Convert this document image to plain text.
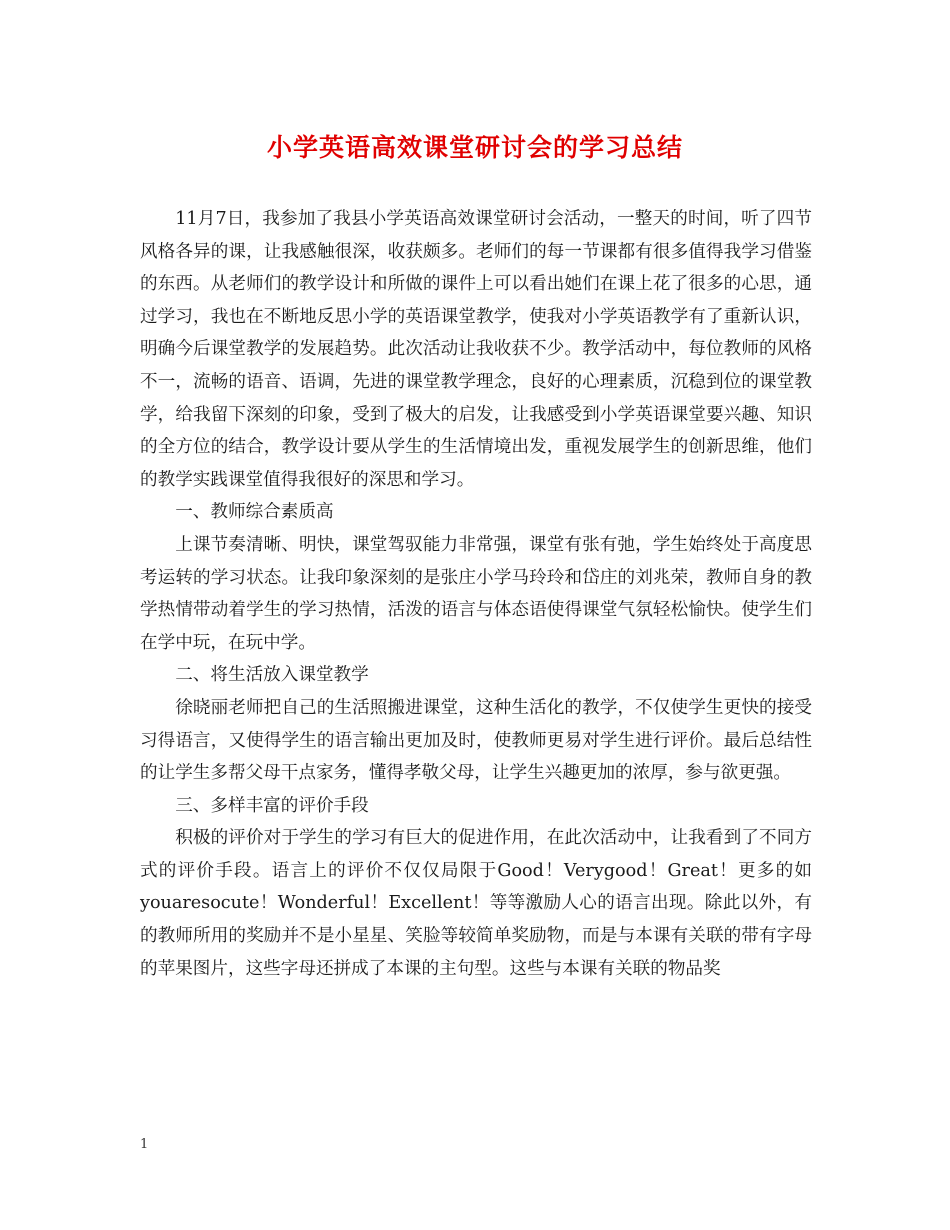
小学英语高效课堂研讨会的学习总结

11月7日，我参加了我县小学英语高效课堂研讨会活动，一整天的时间，听了四节风格各异的课，让我感触很深，收获颇多。老师们的每一节课都有很多值得我学习借鉴的东西。从老师们的教学设计和所做的课件上可以看出她们在课上花了很多的心思，通过学习，我也在不断地反思小学的英语课堂教学，使我对小学英语教学有了重新认识，明确今后课堂教学的发展趋势。此次活动让我收获不少。教学活动中，每位教师的风格不一，流畅的语音、语调，先进的课堂教学理念，良好的心理素质，沉稳到位的课堂教学，给我留下深刻的印象，受到了极大的启发，让我感受到小学英语课堂要兴趣、知识的全方位的结合，教学设计要从学生的生活情境出发，重视发展学生的创新思维，他们的教学实践课堂值得我很好的深思和学习。

一、教师综合素质高

上课节奏清晰、明快，课堂驾驭能力非常强，课堂有张有弛，学生始终处于高度思考运转的学习状态。让我印象深刻的是张庄小学马玲玲和岱庄的刘兆荣，教师自身的教学热情带动着学生的学习热情，活泼的语言与体态语使得课堂气氛轻松愉快。使学生们在学中玩，在玩中学。

二、将生活放入课堂教学

徐晓丽老师把自己的生活照搬进课堂，这种生活化的教学，不仅使学生更快的接受习得语言，又使得学生的语言输出更加及时，使教师更易对学生进行评价。最后总结性的让学生多帮父母干点家务，懂得孝敬父母，让学生兴趣更加的浓厚，参与欲更强。

三、多样丰富的评价手段

积极的评价对于学生的学习有巨大的促进作用，在此次活动中，让我看到了不同方式的评价手段。语言上的评价不仅仅局限于Good！Verygood！Great！更多的如youaresocute！Wonderful！Excellent！等等激励人心的语言出现。除此以外，有的教师所用的奖励并不是小星星、笑脸等较简单奖励物，而是与本课有关联的带有字母的苹果图片，这些字母还拼成了本课的主句型。这些与本课有关联的物品奖

1
